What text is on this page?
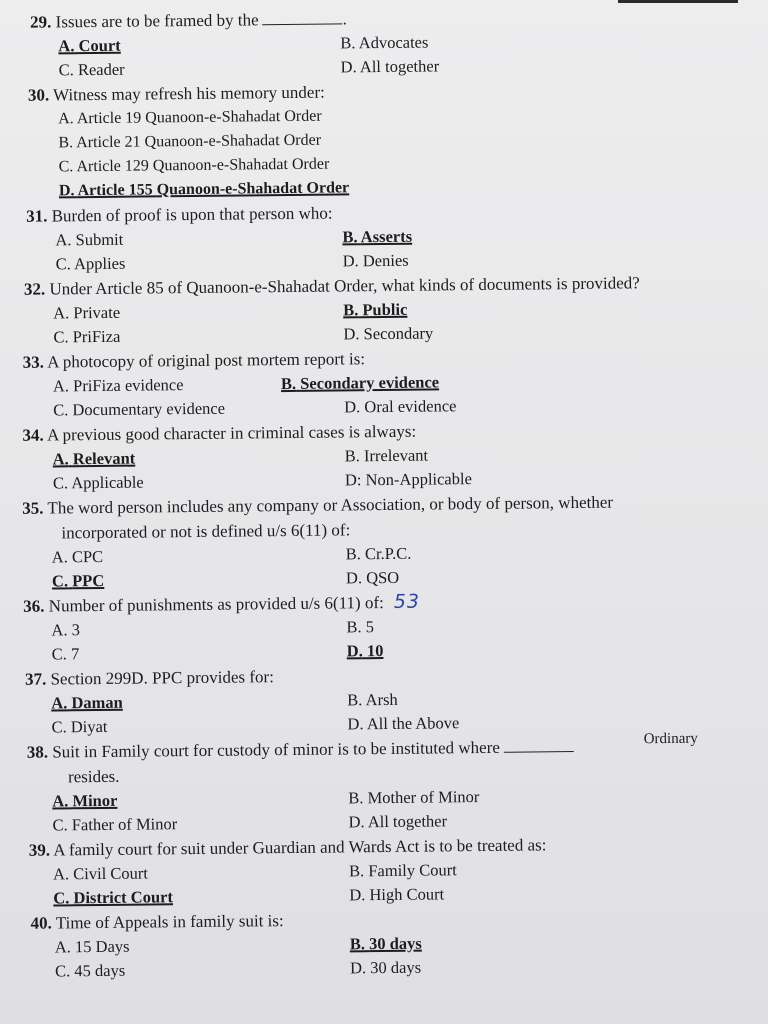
29. Issues are to be framed by the	.
A. Court	B. Advocates
C. Reader	D. All together
30. Witness may refresh his memory under:
A. Article 19 Quanoon-e-Shahadat Order
B. Article 21 Quanoon-e-Shahadat Order
C. Article 129 Quanoon-e-Shahadat Order
D. Article 155 Quanoon-e-Shahadat Order
31. Burden of proof is upon that person who:
A. Submit	B. Asserts
C. Applies	D. Denies
32. Under Article 85 of Quanoon-e-Shahadat Order, what kinds of documents is provided?
A. Private	B. Public
C. PriFiza	D. Secondary
33. A photocopy of original post mortem report is:
A. PriFiza evidence	B. Secondary evidence
C. Documentary evidence	D. Oral evidence
34. A previous good character in criminal cases is always:
A. Relevant	B. Irrelevant
C. Applicable	D: Non-Applicable
35. The word person includes any company or Association, or body of person, whether
incorporated or not is defined u/s 6(11) of:
A. CPC	B. Cr.P.C.
C. PPC	D. QSO
36. Number of punishments as provided u/s 6(11) of: 53
A. 3	B. 5
C. 7	D. 10
37. Section 299D. PPC provides for:
A. Daman	B. Arsh
C. Diyat	D. All the Above
38. Suit in Family court for custody of minor is to be instituted where	Ordinary
resides.
A. Minor	B. Mother of Minor
C. Father of Minor	D. All together
39. A family court for suit under Guardian and Wards Act is to be treated as:
A. Civil Court	B. Family Court
C. District Court	D. High Court
40. Time of Appeals in family suit is:
A. 15 Days	B. 30 days
C. 45 days	D. 30 days
